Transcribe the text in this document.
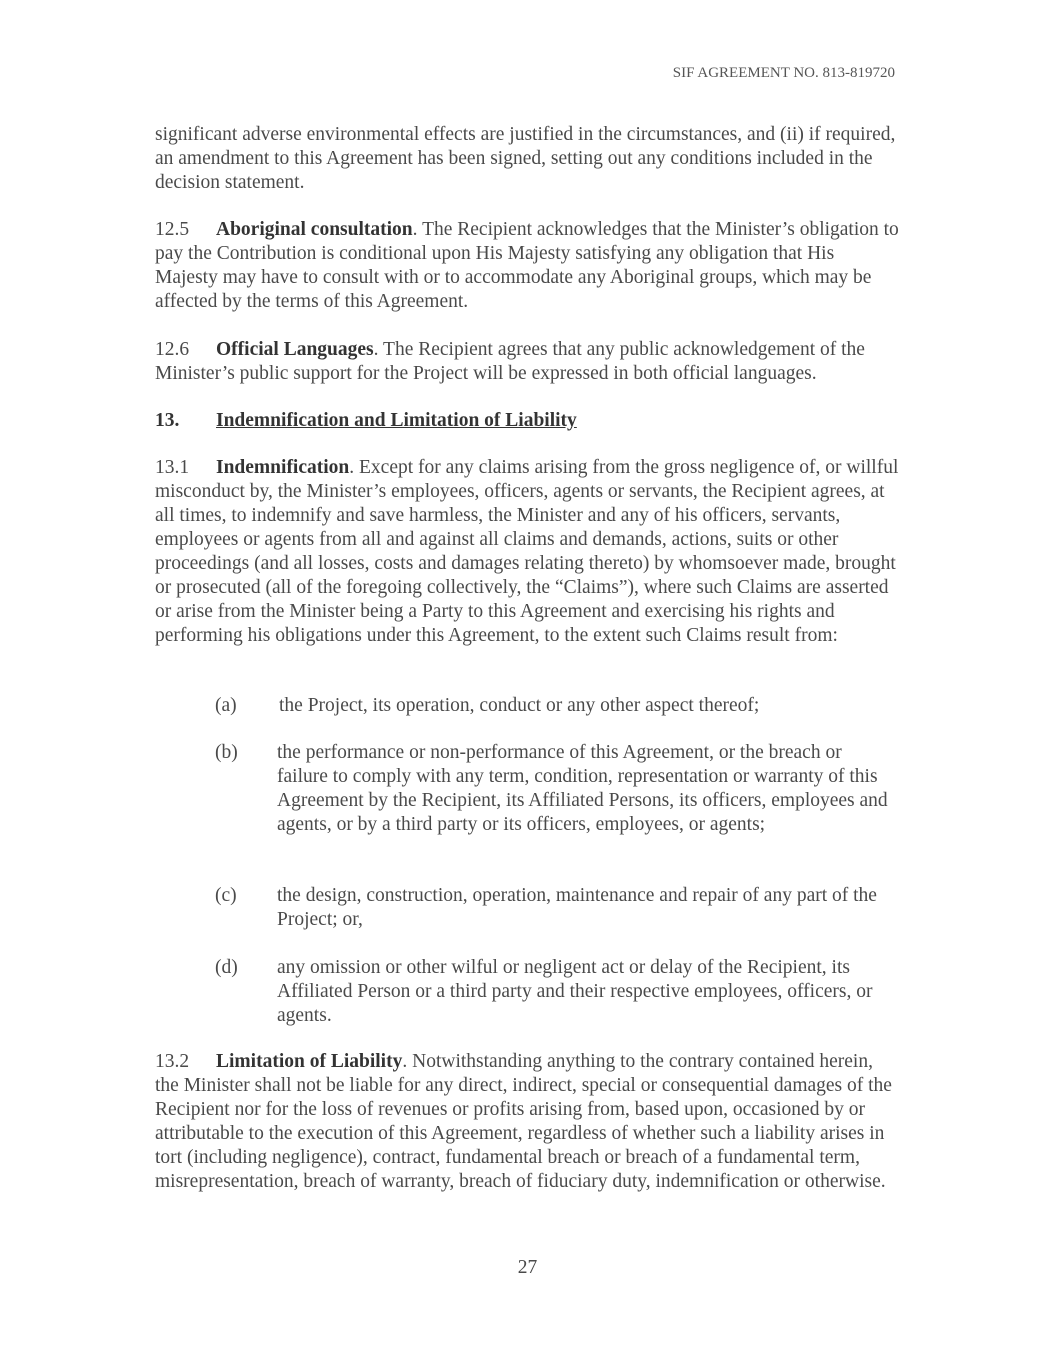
SIF AGREEMENT NO. 813-819720

significant adverse environmental effects are justified in the circumstances, and (ii) if required, an amendment to this Agreement has been signed, setting out any conditions included in the decision statement.

12.5 Aboriginal consultation. The Recipient acknowledges that the Minister’s obligation to pay the Contribution is conditional upon His Majesty satisfying any obligation that His Majesty may have to consult with or to accommodate any Aboriginal groups, which may be affected by the terms of this Agreement.

12.6 Official Languages. The Recipient agrees that any public acknowledgement of the Minister’s public support for the Project will be expressed in both official languages.

13. Indemnification and Limitation of Liability

13.1 Indemnification. Except for any claims arising from the gross negligence of, or willful misconduct by, the Minister’s employees, officers, agents or servants, the Recipient agrees, at all times, to indemnify and save harmless, the Minister and any of his officers, servants, employees or agents from all and against all claims and demands, actions, suits or other proceedings (and all losses, costs and damages relating thereto) by whomsoever made, brought or prosecuted (all of the foregoing collectively, the “Claims”), where such Claims are asserted or arise from the Minister being a Party to this Agreement and exercising his rights and performing his obligations under this Agreement, to the extent such Claims result from:

(a) the Project, its operation, conduct or any other aspect thereof;
(b) the performance or non-performance of this Agreement, or the breach or failure to comply with any term, condition, representation or warranty of this Agreement by the Recipient, its Affiliated Persons, its officers, employees and agents, or by a third party or its officers, employees, or agents;
(c) the design, construction, operation, maintenance and repair of any part of the Project; or,
(d) any omission or other wilful or negligent act or delay of the Recipient, its Affiliated Person or a third party and their respective employees, officers, or agents.

13.2 Limitation of Liability. Notwithstanding anything to the contrary contained herein, the Minister shall not be liable for any direct, indirect, special or consequential damages of the Recipient nor for the loss of revenues or profits arising from, based upon, occasioned by or attributable to the execution of this Agreement, regardless of whether such a liability arises in tort (including negligence), contract, fundamental breach or breach of a fundamental term, misrepresentation, breach of warranty, breach of fiduciary duty, indemnification or otherwise.

27
